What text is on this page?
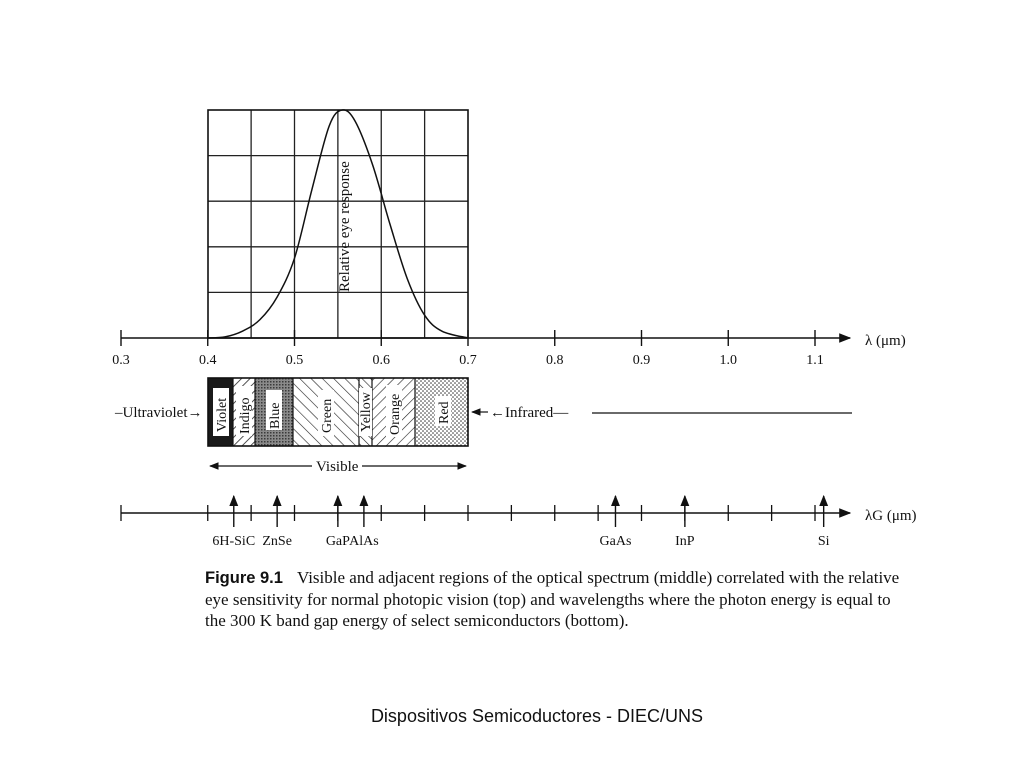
Relative eye response
0.3	0.4	0.5	0.6	0.7	0.8	0.9	1.0	1.1
λ (μm)
Violet Indigo Blue	Green Yellow Orange Red
–Ultraviolet→	←Infrared—
Visible
6H-SiC ZnSe GaP AlAs	GaAs	InP	Si
λG (μm)
Figure 9.1 Visible and adjacent regions of the optical spectrum (middle) correlated with the relative eye sensitivity for normal photopic vision (top) and wavelengths where the photon energy is equal to the 300 K band gap energy of select semiconductors (bottom).
Dispositivos Semicoductores - DIEC/UNS
